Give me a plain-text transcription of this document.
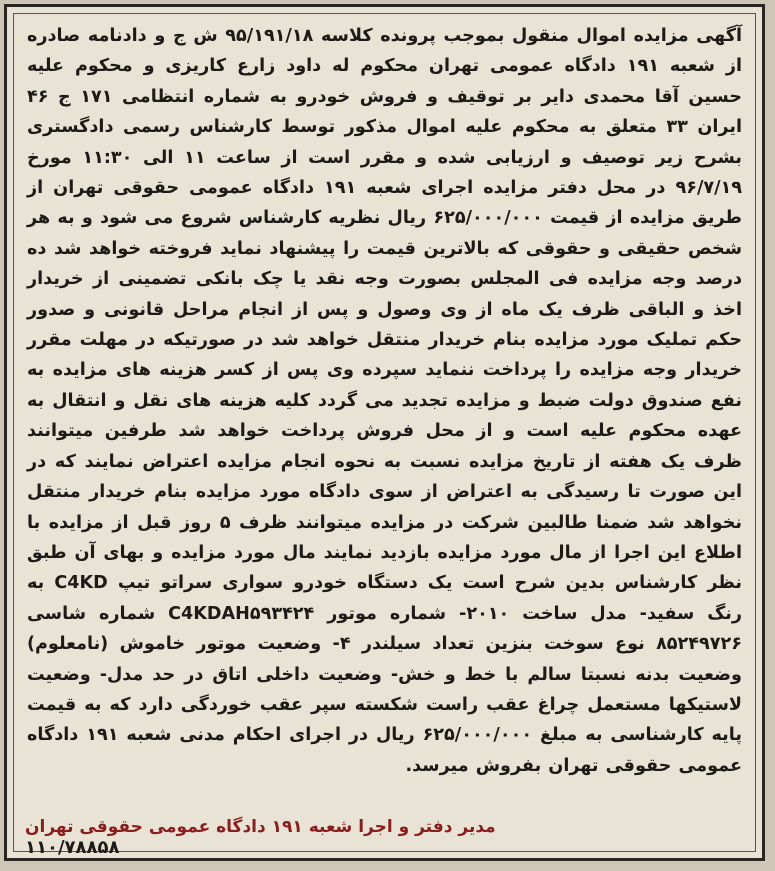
آگهی مزایده اموال منقول بموجب پرونده کلاسه ۹۵/۱۹۱/۱۸ ش ج و دادنامه صادره از شعبه ۱۹۱ دادگاه عمومی تهران محکوم له داود زارع کاریزی و محکوم علیه حسین آقا محمدی دایر بر توقیف و فروش خودرو به شماره انتظامی ۱۷۱ ج ۴۶ ایران ۳۳ متعلق به محکوم علیه اموال مذکور توسط کارشناس رسمی دادگستری بشرح زیر توصیف و ارزیابی شده و مقرر است از ساعت ۱۱ الی ۱۱:۳۰ مورخ ۹۶/۷/۱۹ در محل دفتر مزایده اجرای شعبه ۱۹۱ دادگاه عمومی حقوقی تهران از طریق مزایده از قیمت ۶۲۵/۰۰۰/۰۰۰ ریال نظریه کارشناس شروع می شود و به هر شخص حقیقی و حقوقی که بالاترین قیمت را پیشنهاد نماید فروخته خواهد شد ده درصد وجه مزایده فی المجلس بصورت وجه نقد یا چک بانکی تضمینی از خریدار اخذ و الباقی ظرف یک ماه از وی وصول و پس از انجام مراحل قانونی و صدور حکم تملیک مورد مزایده بنام خریدار منتقل خواهد شد در صورتیکه در مهلت مقرر خریدار وجه مزایده را پرداخت ننماید سپرده وی پس از کسر هزینه های مزایده به نفع صندوق دولت ضبط و مزایده تجدید می گردد کلیه هزینه های نقل و انتقال به عهده محکوم علیه است و از محل فروش پرداخت خواهد شد طرفین میتوانند ظرف یک هفته از تاریخ مزایده نسبت به نحوه انجام مزایده اعتراض نمایند که در این صورت تا رسیدگی به اعتراض از سوی دادگاه مورد مزایده بنام خریدار منتقل نخواهد شد ضمنا طالبین شرکت در مزایده میتوانند ظرف ۵ روز قبل از مزایده با اطلاع این اجرا از مال مورد مزایده بازدید نمایند مال مورد مزایده و بهای آن طبق نظر کارشناس بدین شرح است یک دستگاه خودرو سواری سراتو تیپ C4KD به رنگ سفید- مدل ساخت ۲۰۱۰- شماره موتور C4KDAH۵۹۳۴۲۴ شماره شاسی ۸۵۲۴۹۷۲۶ نوع سوخت بنزین تعداد سیلندر ۴- وضعیت موتور خاموش (نامعلوم) وضعیت بدنه نسبتا سالم با خط و خش- وضعیت داخلی اتاق در حد مدل- وضعیت لاستیکها مستعمل چراغ عقب راست شکسته سپر عقب خوردگی دارد که به قیمت پایه کارشناسی به مبلغ ۶۲۵/۰۰۰/۰۰۰ ریال در اجرای احکام مدنی شعبه ۱۹۱ دادگاه عمومی حقوقی تهران بفروش میرسد.

مدیر دفتر و اجرا شعبه ۱۹۱ دادگاه عمومی حقوقی تهران
۱۱۰/۷۸۸۵۸
